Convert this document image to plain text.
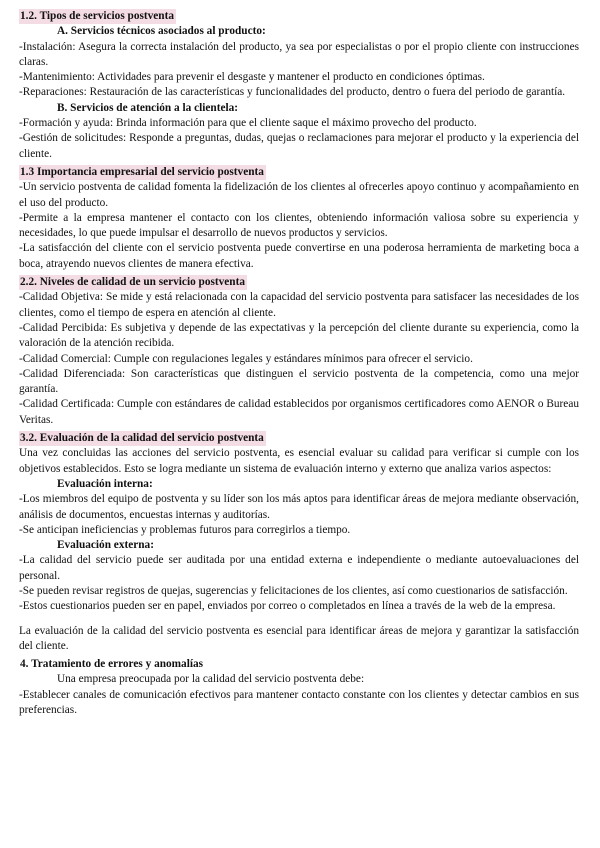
1.2. Tipos de servicios postventa
A. Servicios técnicos asociados al producto:

-Instalación: Asegura la correcta instalación del producto, ya sea por especialistas o por el propio cliente con instrucciones claras.

-Mantenimiento: Actividades para prevenir el desgaste y mantener el producto en condiciones óptimas.

-Reparaciones: Restauración de las características y funcionalidades del producto, dentro o fuera del periodo de garantía.

B. Servicios de atención a la clientela:

-Formación y ayuda: Brinda información para que el cliente saque el máximo provecho del producto.

-Gestión de solicitudes: Responde a preguntas, dudas, quejas o reclamaciones para mejorar el producto y la experiencia del cliente.

1.3 Importancia empresarial del servicio postventa

-Un servicio postventa de calidad fomenta la fidelización de los clientes al ofrecerles apoyo continuo y acompañamiento en el uso del producto.

-Permite a la empresa mantener el contacto con los clientes, obteniendo información valiosa sobre su experiencia y necesidades, lo que puede impulsar el desarrollo de nuevos productos y servicios.

-La satisfacción del cliente con el servicio postventa puede convertirse en una poderosa herramienta de marketing boca a boca, atrayendo nuevos clientes de manera efectiva.

2.2. Niveles de calidad de un servicio postventa

-Calidad Objetiva: Se mide y está relacionada con la capacidad del servicio postventa para satisfacer las necesidades de los clientes, como el tiempo de espera en atención al cliente.

-Calidad Percibida: Es subjetiva y depende de las expectativas y la percepción del cliente durante su experiencia, como la valoración de la atención recibida.

-Calidad Comercial: Cumple con regulaciones legales y estándares mínimos para ofrecer el servicio.

-Calidad Diferenciada: Son características que distinguen el servicio postventa de la competencia, como una mejor garantía.

-Calidad Certificada: Cumple con estándares de calidad establecidos por organismos certificadores como AENOR o Bureau Veritas.

3.2. Evaluación de la calidad del servicio postventa

Una vez concluidas las acciones del servicio postventa, es esencial evaluar su calidad para verificar si cumple con los objetivos establecidos. Esto se logra mediante un sistema de evaluación interno y externo que analiza varios aspectos:

Evaluación interna:

-Los miembros del equipo de postventa y su líder son los más aptos para identificar áreas de mejora mediante observación, análisis de documentos, encuestas internas y auditorías.

-Se anticipan ineficiencias y problemas futuros para corregirlos a tiempo.

Evaluación externa:

-La calidad del servicio puede ser auditada por una entidad externa e independiente o mediante autoevaluaciones del personal.

-Se pueden revisar registros de quejas, sugerencias y felicitaciones de los clientes, así como cuestionarios de satisfacción.

-Estos cuestionarios pueden ser en papel, enviados por correo o completados en línea a través de la web de la empresa.

La evaluación de la calidad del servicio postventa es esencial para identificar áreas de mejora y garantizar la satisfacción del cliente.

4. Tratamiento de errores y anomalías

Una empresa preocupada por la calidad del servicio postventa debe:

-Establecer canales de comunicación efectivos para mantener contacto constante con los clientes y detectar cambios en sus preferencias.
